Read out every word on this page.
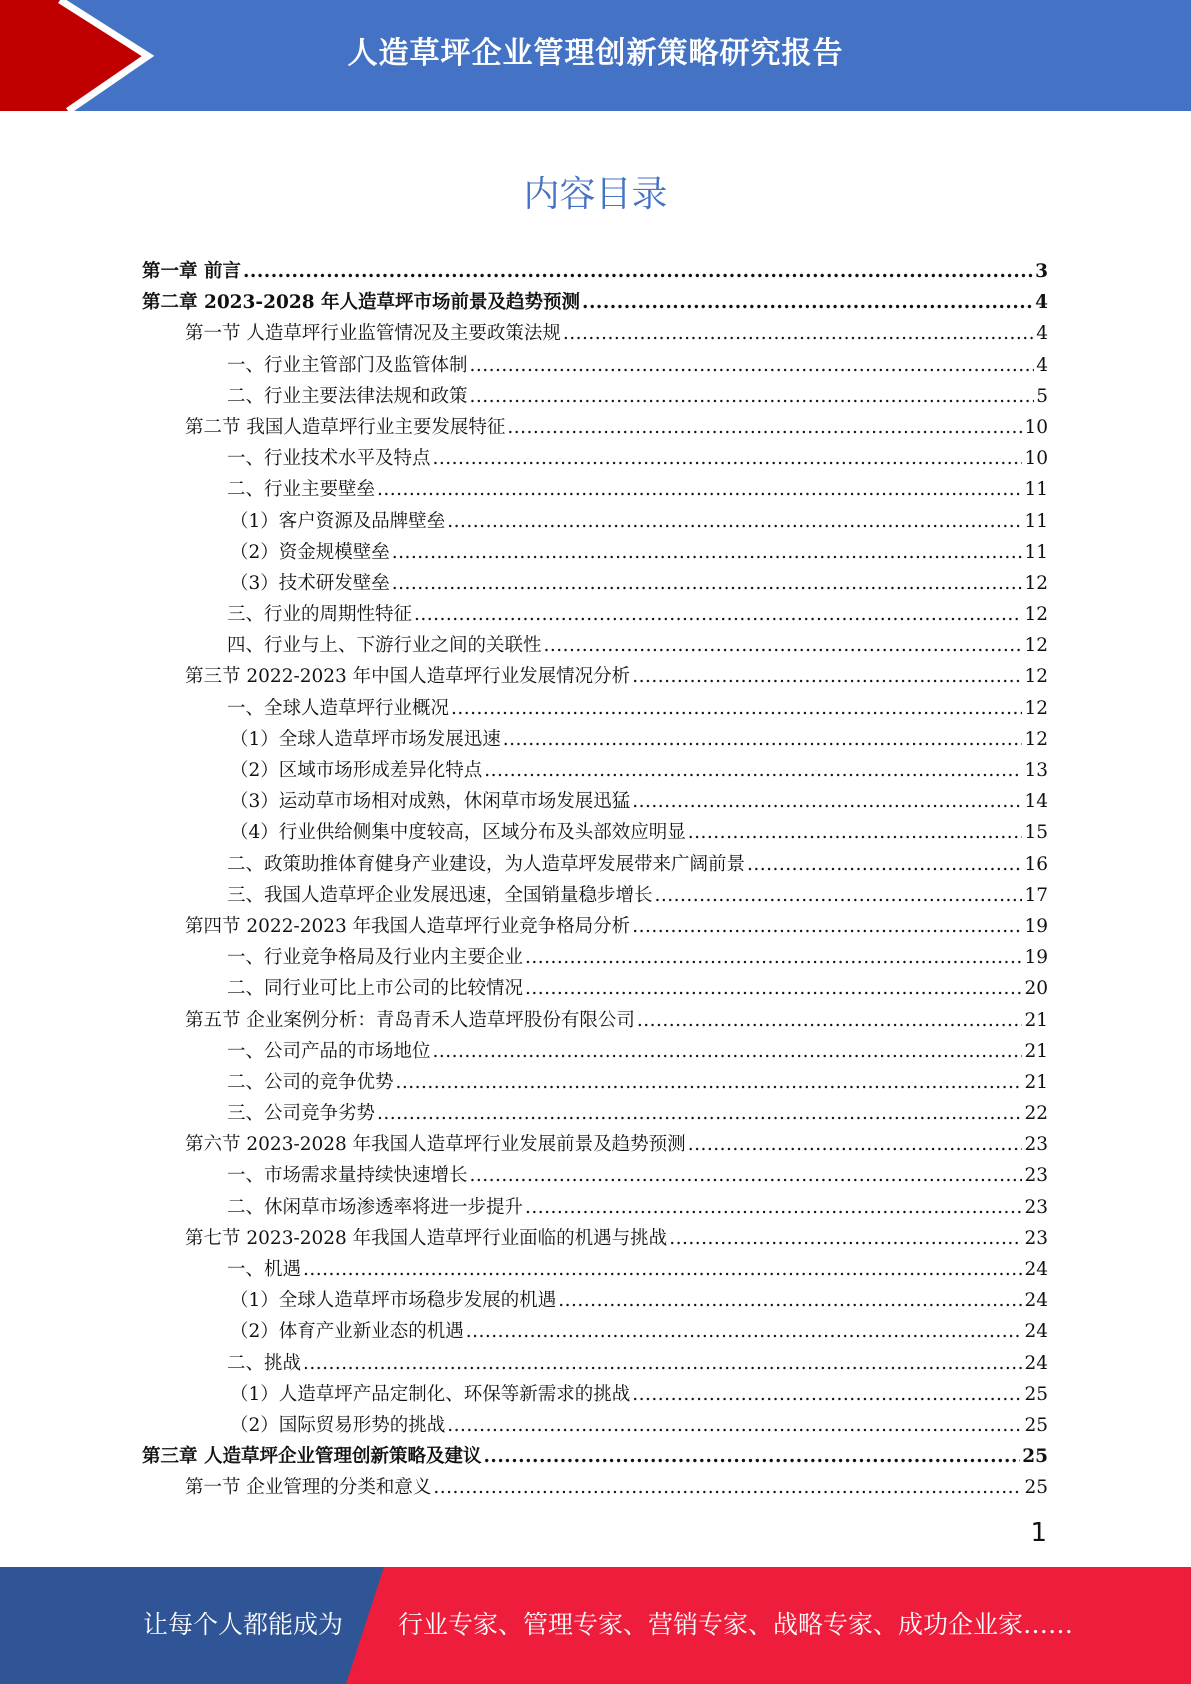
人造草坪企业管理创新策略研究报告
内容目录
第一章 前言 .....	3
第二章 2023-2028 年人造草坪市场前景及趋势预测 .....	4
第一节 人造草坪行业监管情况及主要政策法规 .....	4
一、行业主管部门及监管体制 .....	4
二、行业主要法律法规和政策 .....	5
第二节 我国人造草坪行业主要发展特征 .....	10
一、行业技术水平及特点 .....	10
二、行业主要壁垒 .....	11
（1）客户资源及品牌壁垒 .....	11
（2）资金规模壁垒 .....	11
（3）技术研发壁垒 .....	12
三、行业的周期性特征 .....	12
四、行业与上、下游行业之间的关联性 .....	12
第三节 2022-2023 年中国人造草坪行业发展情况分析 .....	12
一、全球人造草坪行业概况 .....	12
（1）全球人造草坪市场发展迅速 .....	12
（2）区域市场形成差异化特点 .....	13
（3）运动草市场相对成熟，休闲草市场发展迅猛 .....	14
（4）行业供给侧集中度较高，区域分布及头部效应明显 .....	15
二、政策助推体育健身产业建设，为人造草坪发展带来广阔前景 .....	16
三、我国人造草坪企业发展迅速，全国销量稳步增长 .....	17
第四节 2022-2023 年我国人造草坪行业竞争格局分析 .....	19
一、行业竞争格局及行业内主要企业 .....	19
二、同行业可比上市公司的比较情况 .....	20
第五节 企业案例分析：青岛青禾人造草坪股份有限公司 .....	21
一、公司产品的市场地位 .....	21
二、公司的竞争优势 .....	21
三、公司竞争劣势 .....	22
第六节 2023-2028 年我国人造草坪行业发展前景及趋势预测 .....	23
一、市场需求量持续快速增长 .....	23
二、休闲草市场渗透率将进一步提升 .....	23
第七节 2023-2028 年我国人造草坪行业面临的机遇与挑战 .....	23
一、机遇 .....	24
（1）全球人造草坪市场稳步发展的机遇 .....	24
（2）体育产业新业态的机遇 .....	24
二、挑战 .....	24
（1）人造草坪产品定制化、环保等新需求的挑战 .....	25
（2）国际贸易形势的挑战 .....	25
第三章 人造草坪企业管理创新策略及建议 .....	25
第一节 企业管理的分类和意义 .....	25
1
让每个人都能成为 行业专家、管理专家、营销专家、战略专家、成功企业家……
